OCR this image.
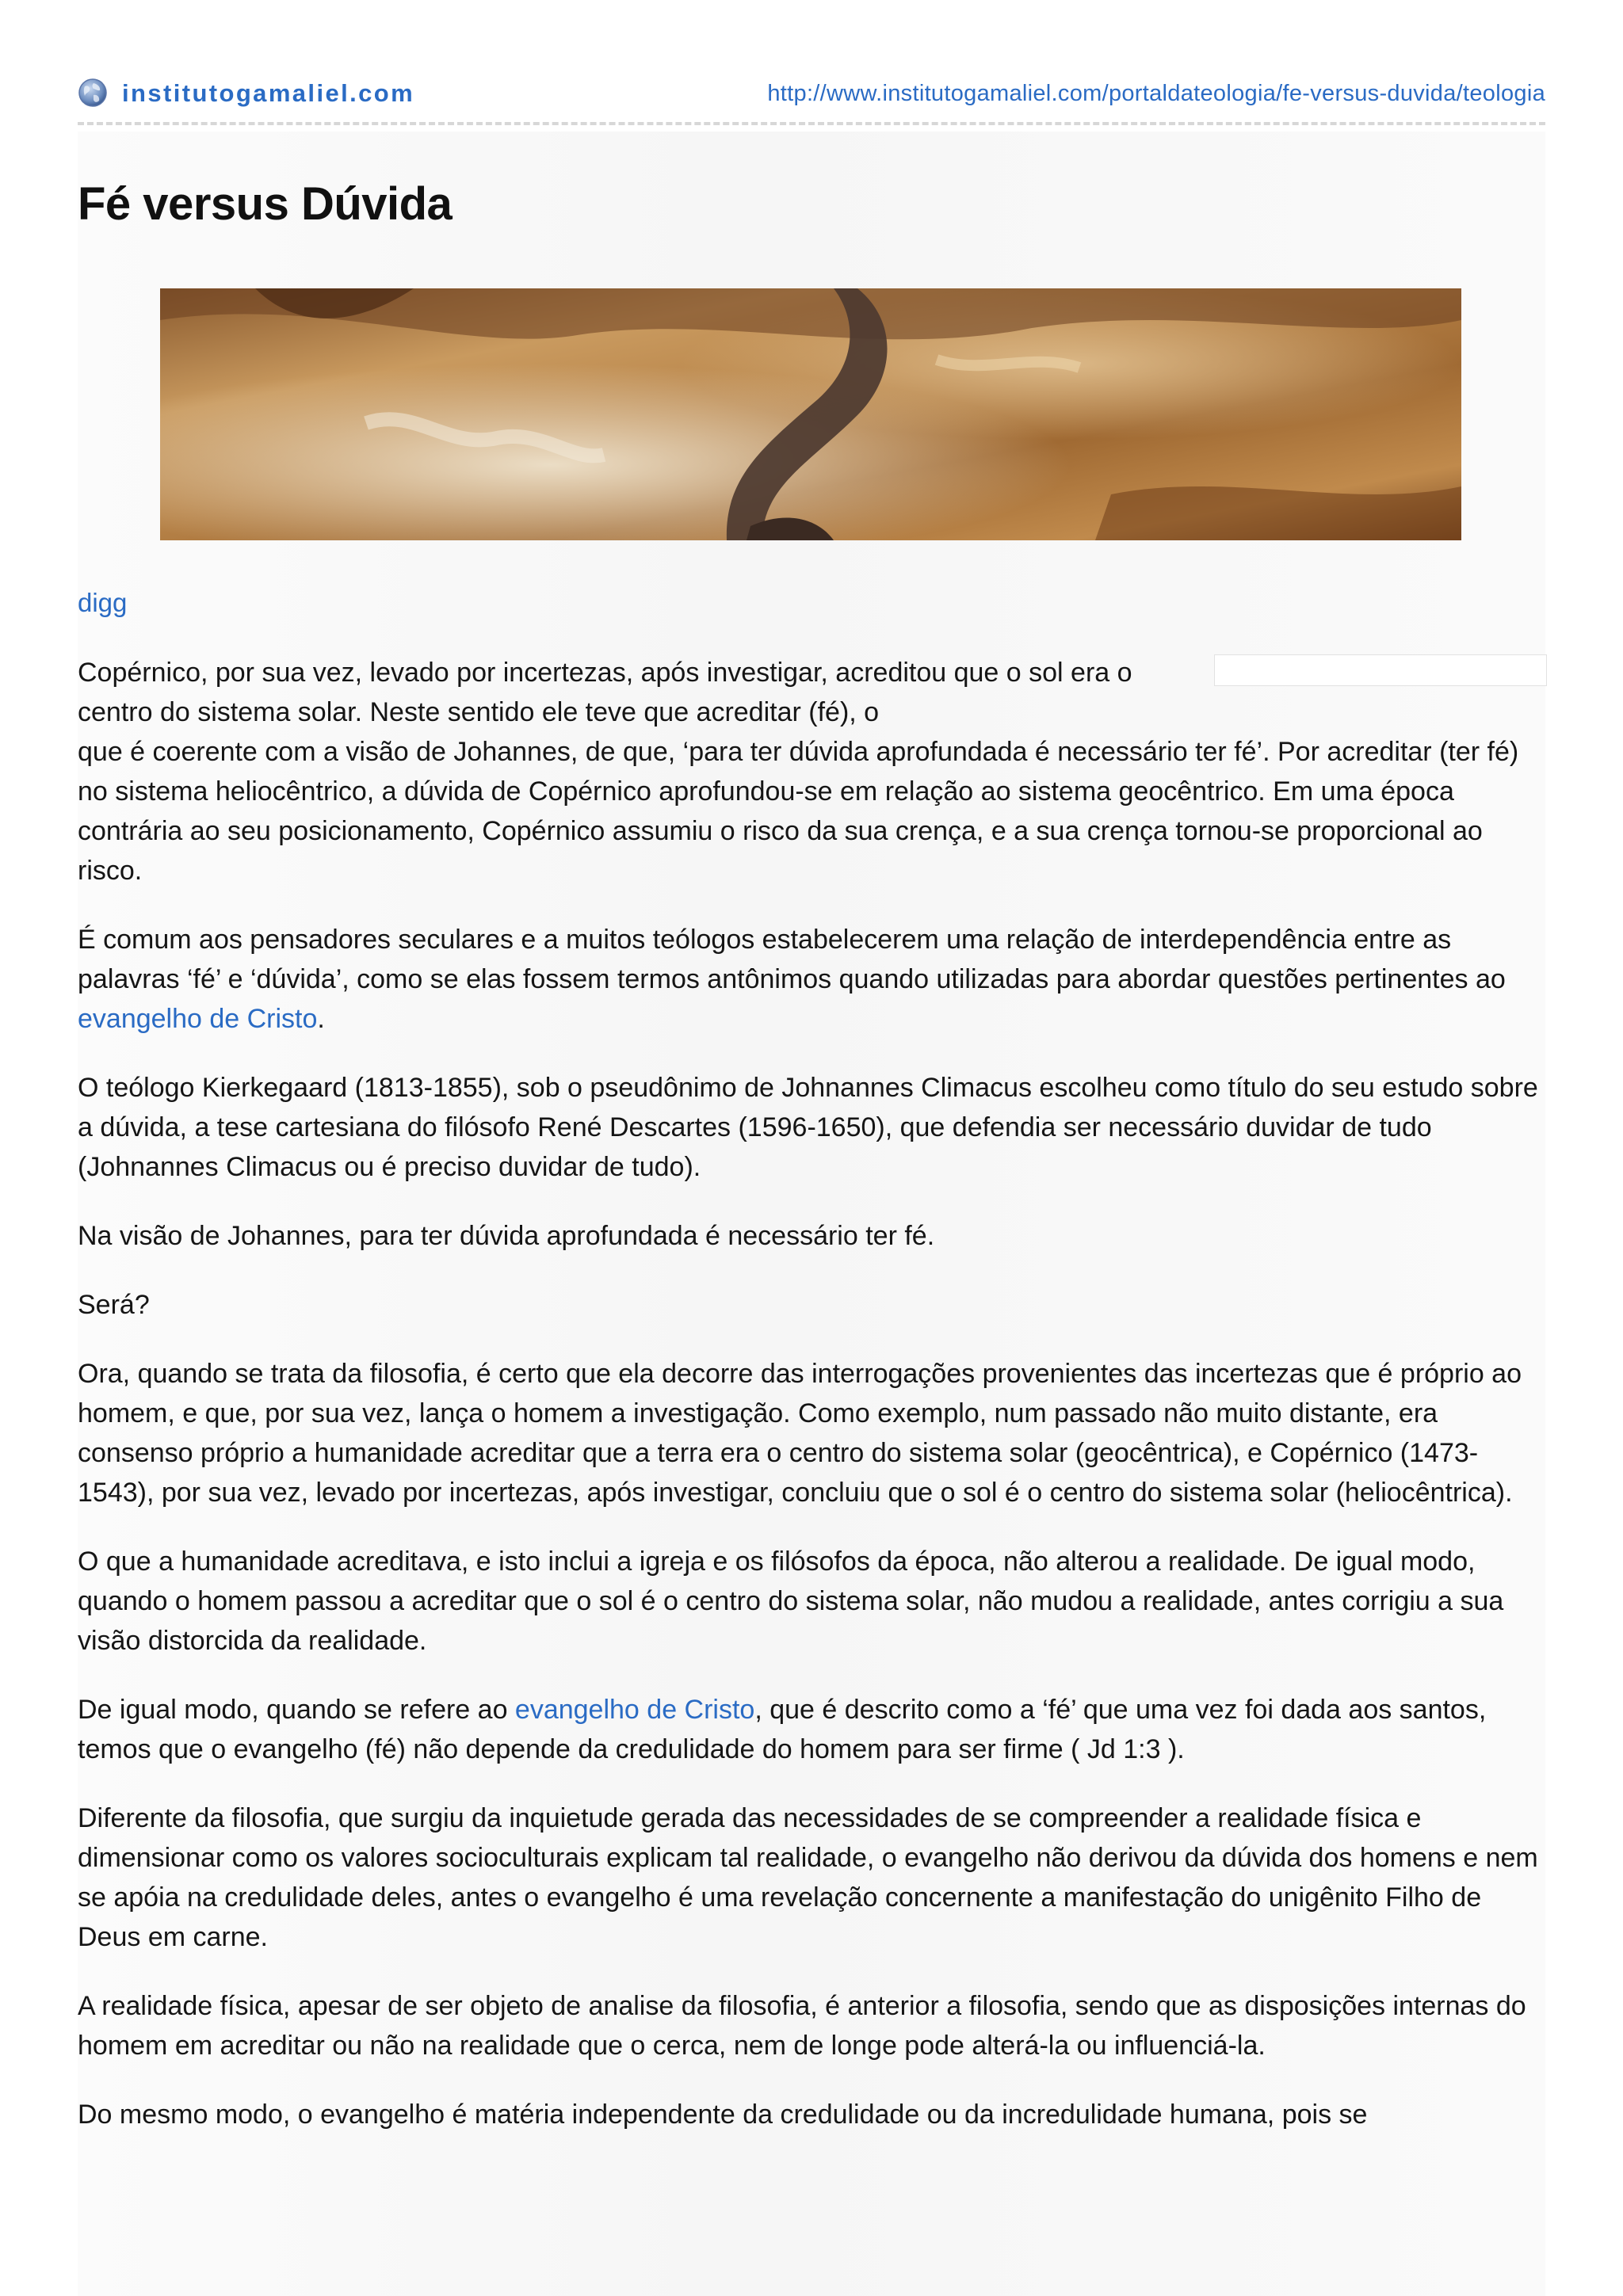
institutogamaliel.com	http://www.institutogamaliel.com/portaldateologia/fe-versus-duvida/teologia
Fé versus Dúvida
digg

Copérnico, por sua vez, levado por incertezas, após investigar, acreditou que o sol era o centro do sistema solar. Neste sentido ele teve que acreditar (fé), o
que é coerente com a visão de Johannes, de que, ‘para ter dúvida aprofundada é necessário ter fé’. Por acreditar (ter fé) no sistema heliocêntrico, a dúvida de Copérnico aprofundou-se em relação ao sistema geocêntrico. Em uma época contrária ao seu posicionamento, Copérnico assumiu o risco da sua crença, e a sua crença tornou-se proporcional ao risco.

É comum aos pensadores seculares e a muitos teólogos estabelecerem uma relação de interdependência entre as palavras ‘fé’ e ‘dúvida’, como se elas fossem termos antônimos quando utilizadas para abordar questões pertinentes ao evangelho de Cristo.

O teólogo Kierkegaard (1813-1855), sob o pseudônimo de Johnannes Climacus escolheu como título do seu estudo sobre a dúvida, a tese cartesiana do filósofo René Descartes (1596-1650), que defendia ser necessário duvidar de tudo (Johnannes Climacus ou é preciso duvidar de tudo).

Na visão de Johannes, para ter dúvida aprofundada é necessário ter fé.

Será?

Ora, quando se trata da filosofia, é certo que ela decorre das interrogações provenientes das incertezas que é próprio ao homem, e que, por sua vez, lança o homem a investigação. Como exemplo, num passado não muito distante, era consenso próprio a humanidade acreditar que a terra era o centro do sistema solar (geocêntrica), e Copérnico (1473-1543), por sua vez, levado por incertezas, após investigar, concluiu que o sol é o centro do sistema solar (heliocêntrica).

O que a humanidade acreditava, e isto inclui a igreja e os filósofos da época, não alterou a realidade. De igual modo, quando o homem passou a acreditar que o sol é o centro do sistema solar, não mudou a realidade, antes corrigiu a sua visão distorcida da realidade.

De igual modo, quando se refere ao evangelho de Cristo, que é descrito como a ‘fé’ que uma vez foi dada aos santos, temos que o evangelho (fé) não depende da credulidade do homem para ser firme ( Jd 1:3 ).

Diferente da filosofia, que surgiu da inquietude gerada das necessidades de se compreender a realidade física e dimensionar como os valores socioculturais explicam tal realidade, o evangelho não derivou da dúvida dos homens e nem se apóia na credulidade deles, antes o evangelho é uma revelação concernente a manifestação do unigênito Filho de Deus em carne.

A realidade física, apesar de ser objeto de analise da filosofia, é anterior a filosofia, sendo que as disposições internas do homem em acreditar ou não na realidade que o cerca, nem de longe pode alterá-la ou influenciá-la.

Do mesmo modo, o evangelho é matéria independente da credulidade ou da incredulidade humana, pois se
